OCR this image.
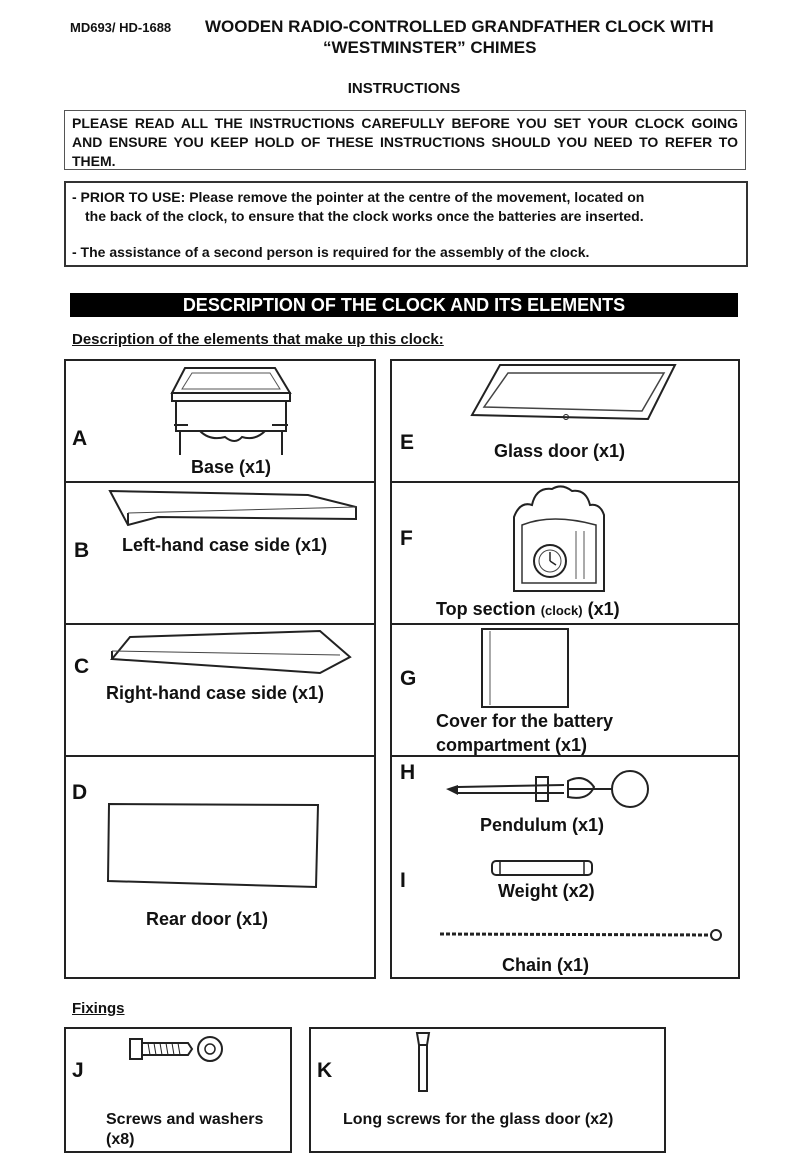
MD693/ HD-1688 WOODEN RADIO-CONTROLLED GRANDFATHER CLOCK WITH
“WESTMINSTER” CHIMES
INSTRUCTIONS

PLEASE READ ALL THE INSTRUCTIONS CAREFULLY BEFORE YOU SET YOUR CLOCK GOING AND ENSURE YOU KEEP HOLD OF THESE INSTRUCTIONS SHOULD YOU NEED TO REFER TO THEM.

- PRIOR TO USE: Please remove the pointer at the centre of the movement, located on

the back of the clock, to ensure that the clock works once the batteries are inserted.

- The assistance of a second person is required for the assembly of the clock.

DESCRIPTION OF THE CLOCK AND ITS ELEMENTS
Description of the elements that make up this clock:
A
Base (x1)
B Left-hand case side (x1)
C
Right-hand case side (x1)
D
Rear door (x1)
E	Glass door (x1)
F
Top section (clock) (x1)
G
Cover for the battery
compartment (x1)
H
Pendulum (x1)
I	Weight (x2)
Chain (x1)
Fixings
J
Screws and washers
(x8)
K
Long screws for the glass door (x2)
